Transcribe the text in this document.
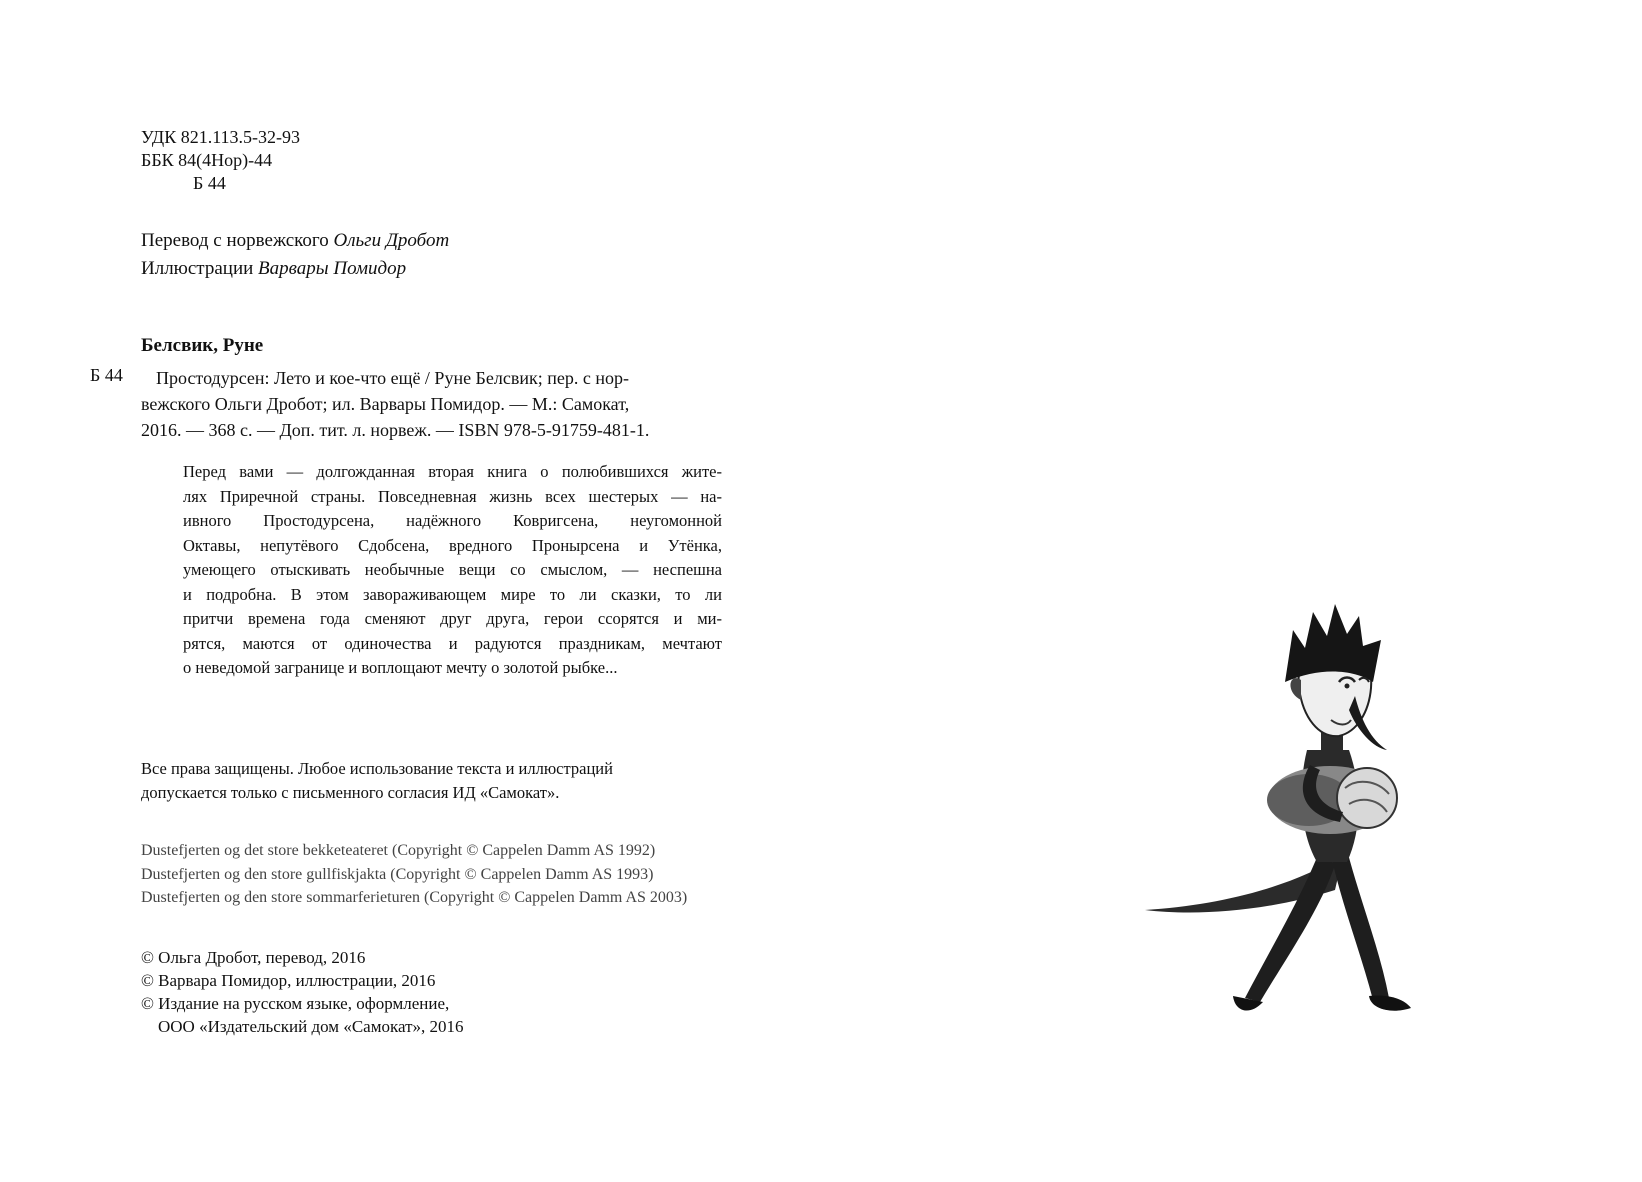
УДК 821.113.5-32-93
ББК 84(4Нор)-44
Б 44
Перевод с норвежского Ольги Дробот
Иллюстрации Варвары Помидор
Белсвик, Руне
Б 44	Простодурсен: Лето и кое-что ещё / Руне Белсвик; пер. с нор-
вежского Ольги Дробот; ил. Варвары Помидор. — М.: Самокат,
2016. — 368 с. — Доп. тит. л. норвеж. — ISBN 978-5-91759-481-1.
Перед вами — долгожданная вторая книга о полюбившихся жите-
лях Приречной страны. Повседневная жизнь всех шестерых — на-
ивного Простодурсена, надёжного Ковригсена, неугомонной
Октавы, непутёвого Сдобсена, вредного Пронырсена и Утёнка,
умеющего отыскивать необычные вещи со смыслом, — неспешна
и подробна. В этом завораживающем мире то ли сказки, то ли
притчи времена года сменяют друг друга, герои ссорятся и ми-
рятся, маются от одиночества и радуются праздникам, мечтают
о неведомой загранице и воплощают мечту о золотой рыбке...
Все права защищены. Любое использование текста и иллюстраций
допускается только с письменного согласия ИД «Самокат».
Dustefjerten og det store bekketeateret (Copyright © Cappelen Damm AS 1992)
Dustefjerten og den store gullfiskjakta (Copyright © Cappelen Damm AS 1993)
Dustefjerten og den store sommarferieturen (Copyright © Cappelen Damm AS 2003)
© Ольга Дробот, перевод, 2016
© Варвара Помидор, иллюстрации, 2016
© Издание на русском языке, оформление,
ООО «Издательский дом «Самокат», 2016
